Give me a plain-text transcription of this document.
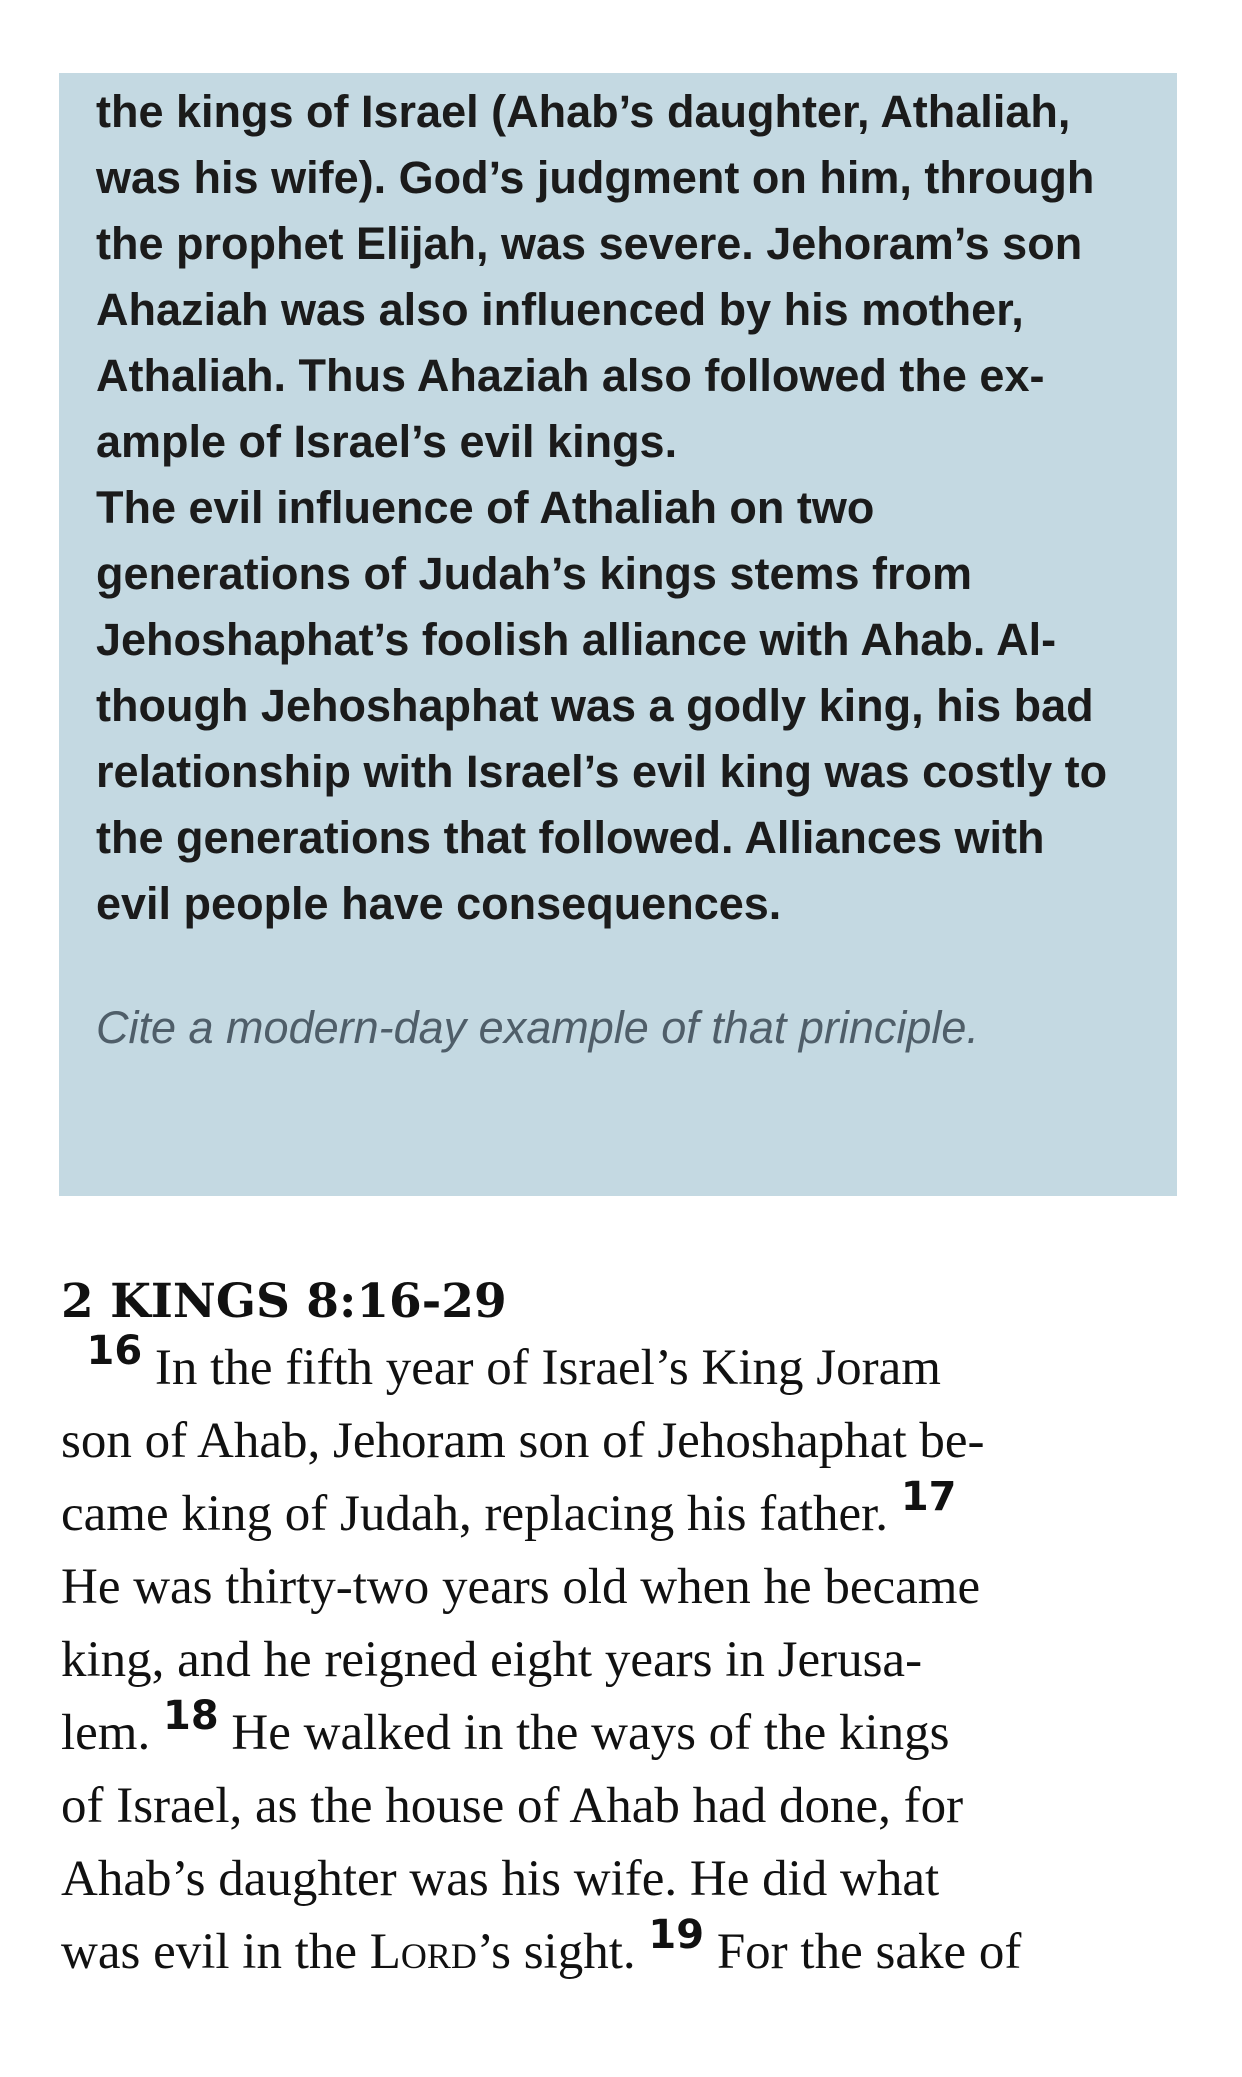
the kings of Israel (Ahab’s daughter, Athaliah,
was his wife). God’s judgment on him, through
the prophet Elijah, was severe. Jehoram’s son
Ahaziah was also influenced by his mother,
Athaliah. Thus Ahaziah also followed the ex-
ample of Israel’s evil kings.

The evil influence of Athaliah on two
generations of Judah’s kings stems from
Jehoshaphat’s foolish alliance with Ahab. Al-
though Jehoshaphat was a godly king, his bad
relationship with Israel’s evil king was costly to
the generations that followed. Alliances with
evil people have consequences.

Cite a modern-day example of that principle.

2 KINGS 8:16-29
$^{16}$ In the fifth year of Israel’s King Joram
son of Ahab, Jehoram son of Jehoshaphat be-
came king of Judah, replacing his father. $^{17}$
He was thirty-two years old when he became
king, and he reigned eight years in Jerusa-
lem. $^{18}$ He walked in the ways of the kings
of Israel, as the house of Ahab had done, for
Ahab’s daughter was his wife. He did what
was evil in the Lord’s sight. $^{19}$ For the sake of
